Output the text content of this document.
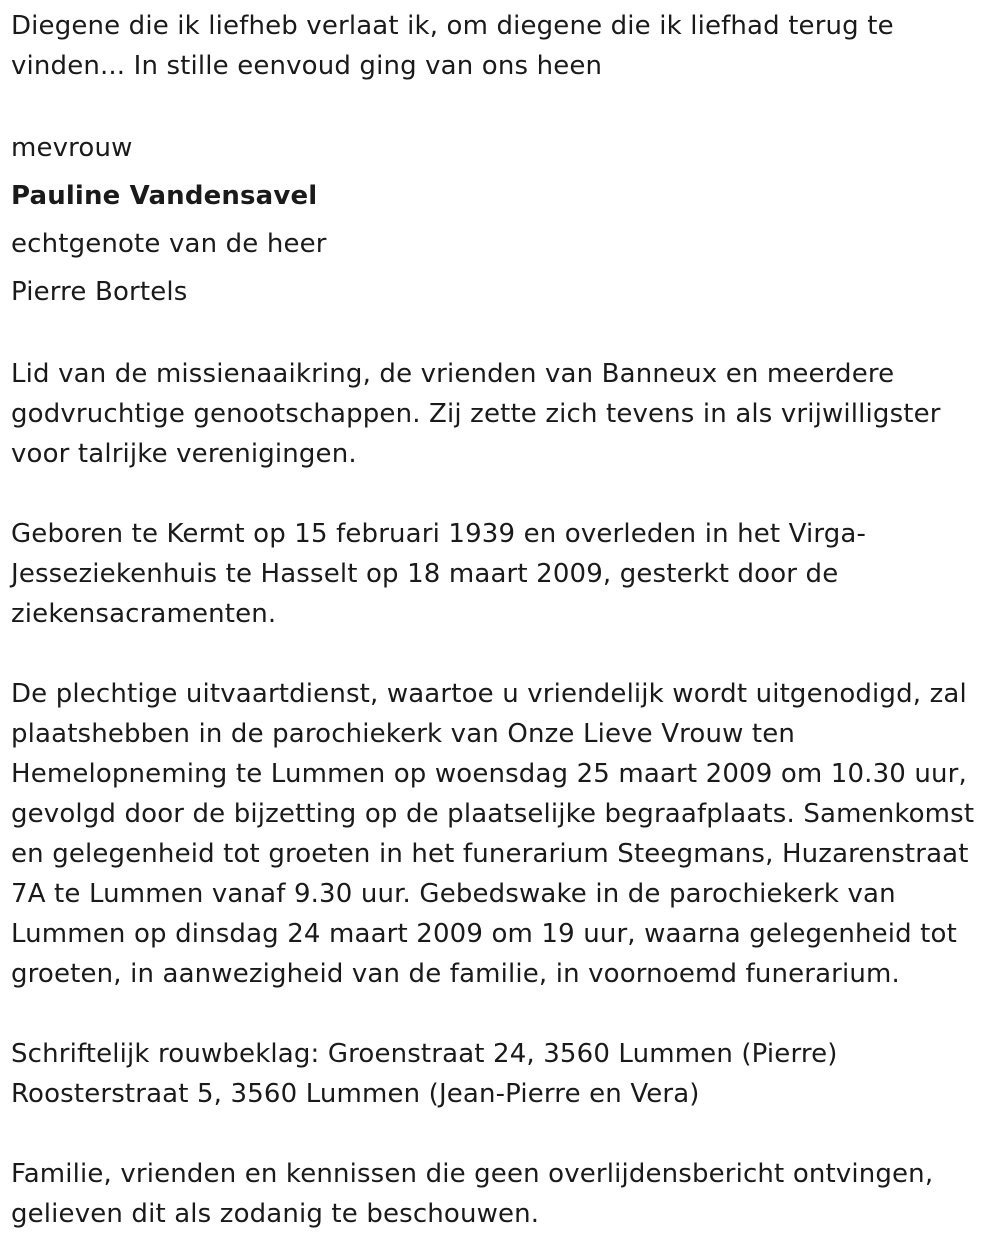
Diegene die ik liefheb verlaat ik, om diegene die ik liefhad terug te
vinden... In stille eenvoud ging van ons heen
mevrouw
Pauline Vandensavel
echtgenote van de heer
Pierre Bortels
Lid van de missienaaikring, de vrienden van Banneux en meerdere
godvruchtige genootschappen. Zij zette zich tevens in als vrijwilligster
voor talrijke verenigingen.
Geboren te Kermt op 15 februari 1939 en overleden in het Virga-
Jesseziekenhuis te Hasselt op 18 maart 2009, gesterkt door de
ziekensacramenten.
De plechtige uitvaartdienst, waartoe u vriendelijk wordt uitgenodigd, zal
plaatshebben in de parochiekerk van Onze Lieve Vrouw ten
Hemelopneming te Lummen op woensdag 25 maart 2009 om 10.30 uur,
gevolgd door de bijzetting op de plaatselijke begraafplaats. Samenkomst
en gelegenheid tot groeten in het funerarium Steegmans, Huzarenstraat
7A te Lummen vanaf 9.30 uur. Gebedswake in de parochiekerk van
Lummen op dinsdag 24 maart 2009 om 19 uur, waarna gelegenheid tot
groeten, in aanwezigheid van de familie, in voornoemd funerarium.
Schriftelijk rouwbeklag: Groenstraat 24, 3560 Lummen (Pierre)
Roosterstraat 5, 3560 Lummen (Jean-Pierre en Vera)
Familie, vrienden en kennissen die geen overlijdensbericht ontvingen,
gelieven dit als zodanig te beschouwen.
